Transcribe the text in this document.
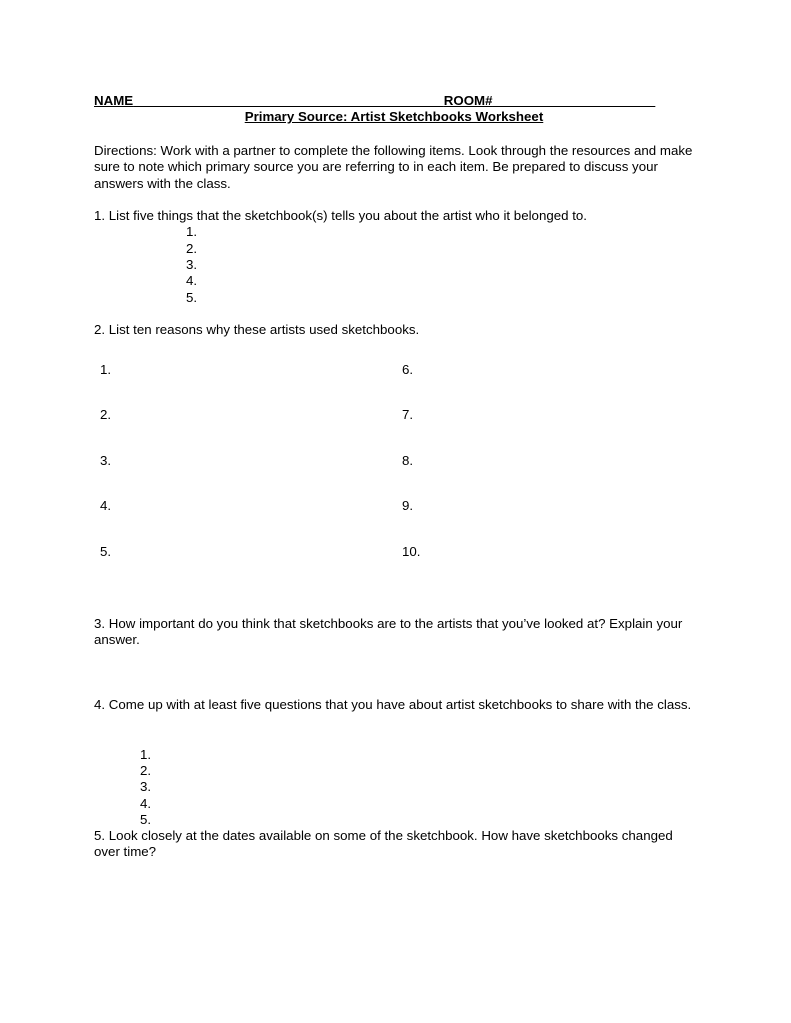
NAME__________________________________________ROOM#______________________
Primary Source: Artist Sketchbooks Worksheet
Directions: Work with a partner to complete the following items. Look through the resources and make sure to note which primary source you are referring to in each item. Be prepared to discuss your answers with the class.
1. List five things that the sketchbook(s) tells you about the artist who it belonged to.
1.
2.
3.
4.
5.
2. List ten reasons why these artists used sketchbooks.
1.
2.
3.
4.
5.
6.
7.
8.
9.
10.
3. How important do you think that sketchbooks are to the artists that you’ve looked at? Explain your answer.
4. Come up with at least five questions that you have about artist sketchbooks to share with the class.
1.
2.
3.
4.
5.
5. Look closely at the dates available on some of the sketchbook. How have sketchbooks changed over time?
